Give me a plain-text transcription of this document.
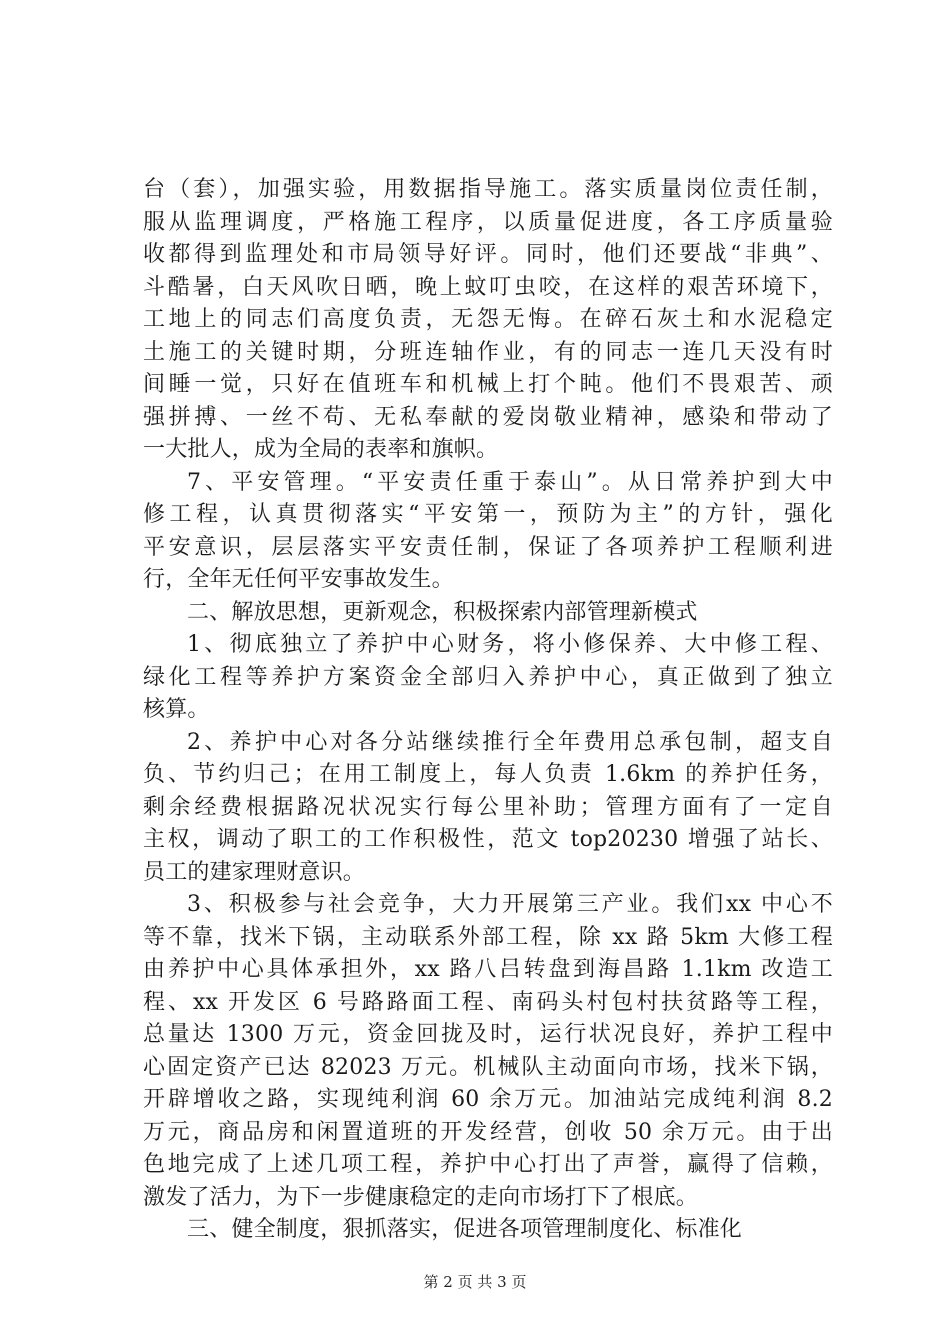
台（套），加强实验，用数据指导施工。落实质量岗位责任制，
服从监理调度，严格施工程序，以质量促进度，各工序质量验
收都得到监理处和市局领导好评。同时，他们还要战“非典”、
斗酷暑，白天风吹日晒，晚上蚊叮虫咬，在这样的艰苦环境下，
工地上的同志们高度负责，无怨无悔。在碎石灰土和水泥稳定
土施工的关键时期，分班连轴作业，有的同志一连几天没有时
间睡一觉，只好在值班车和机械上打个盹。他们不畏艰苦、顽
强拼搏、一丝不苟、无私奉献的爱岗敬业精神，感染和带动了
一大批人，成为全局的表率和旗帜。
7、平安管理。“平安责任重于泰山”。从日常养护到大中
修工程，认真贯彻落实“平安第一，预防为主”的方针，强化
平安意识，层层落实平安责任制，保证了各项养护工程顺利进
行，全年无任何平安事故发生。
二、解放思想，更新观念，积极探索内部管理新模式
1、彻底独立了养护中心财务，将小修保养、大中修工程、
绿化工程等养护方案资金全部归入养护中心，真正做到了独立
核算。
2、养护中心对各分站继续推行全年费用总承包制，超支自
负、节约归己；在用工制度上，每人负责 1.6km 的养护任务，
剩余经费根据路况状况实行每公里补助；管理方面有了一定自
主权，调动了职工的工作积极性，范文 top20230 增强了站长、
员工的建家理财意识。
3、积极参与社会竞争，大力开展第三产业。我们xx 中心不
等不靠，找米下锅，主动联系外部工程，除 xx 路 5km 大修工程
由养护中心具体承担外，xx 路八吕转盘到海昌路 1.1km 改造工
程、xx 开发区 6 号路路面工程、南码头村包村扶贫路等工程，
总量达 1300 万元，资金回拢及时，运行状况良好，养护工程中
心固定资产已达 82023 万元。机械队主动面向市场，找米下锅，
开辟增收之路，实现纯利润 60 余万元。加油站完成纯利润 8.2
万元，商品房和闲置道班的开发经营，创收 50 余万元。由于出
色地完成了上述几项工程，养护中心打出了声誉，赢得了信赖，
激发了活力，为下一步健康稳定的走向市场打下了根底。
三、健全制度，狠抓落实，促进各项管理制度化、标准化
第 2 页 共 3 页
